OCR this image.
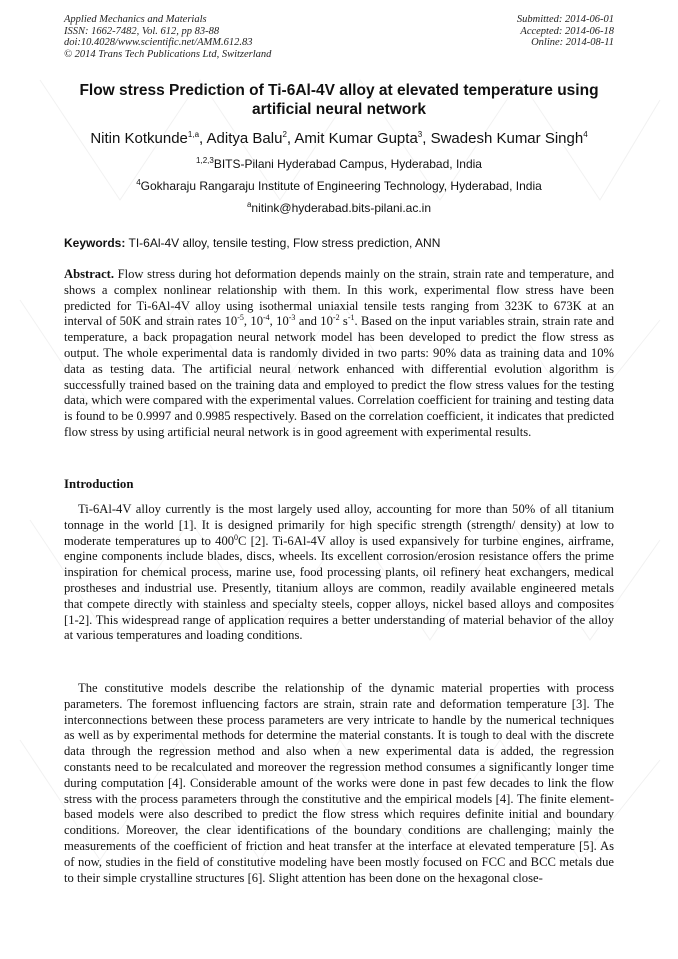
Applied Mechanics and Materials
ISSN: 1662-7482, Vol. 612, pp 83-88
doi:10.4028/www.scientific.net/AMM.612.83
© 2014 Trans Tech Publications Ltd, Switzerland
Submitted: 2014-06-01
Accepted: 2014-06-18
Online: 2014-08-11
Flow stress Prediction of Ti-6Al-4V alloy at elevated temperature using artificial neural network
Nitin Kotkunde$^{1,a}$, Aditya Balu$^2$, Amit Kumar Gupta$^3$, Swadesh Kumar Singh$^4$
$^{1,2,3}$BITS-Pilani Hyderabad Campus, Hyderabad, India
$^4$Gokharaju Rangaraju Institute of Engineering Technology, Hyderabad, India
$^a$nitink@hyderabad.bits-pilani.ac.in
Keywords: TI-6Al-4V alloy, tensile testing, Flow stress prediction, ANN
Abstract. Flow stress during hot deformation depends mainly on the strain, strain rate and temperature, and shows a complex nonlinear relationship with them. In this work, experimental flow stress have been predicted for Ti-6Al-4V alloy using isothermal uniaxial tensile tests ranging from 323K to 673K at an interval of 50K and strain rates $10^{-5}$, $10^{-4}$, $10^{-3}$ and $10^{-2}$ $s^{-1}$. Based on the input variables strain, strain rate and temperature, a back propagation neural network model has been developed to predict the flow stress as output. The whole experimental data is randomly divided in two parts: 90% data as training data and 10% data as testing data. The artificial neural network enhanced with differential evolution algorithm is successfully trained based on the training data and employed to predict the flow stress values for the testing data, which were compared with the experimental values. Correlation coefficient for training and testing data is found to be 0.9997 and 0.9985 respectively. Based on the correlation coefficient, it indicates that predicted flow stress by using artificial neural network is in good agreement with experimental results.
Introduction
Ti-6Al-4V alloy currently is the most largely used alloy, accounting for more than 50% of all titanium tonnage in the world [1]. It is designed primarily for high specific strength (strength/ density) at low to moderate temperatures up to $400^0C$ [2]. Ti-6Al-4V alloy is used expansively for turbine engines, airframe, engine components include blades, discs, wheels. Its excellent corrosion/erosion resistance offers the prime inspiration for chemical process, marine use, food processing plants, oil refinery heat exchangers, medical prostheses and industrial use. Presently, titanium alloys are common, readily available engineered metals that compete directly with stainless and specialty steels, copper alloys, nickel based alloys and composites [1-2]. This widespread range of application requires a better understanding of material behavior of the alloy at various temperatures and loading conditions.
The constitutive models describe the relationship of the dynamic material properties with process parameters. The foremost influencing factors are strain, strain rate and deformation temperature [3]. The interconnections between these process parameters are very intricate to handle by the numerical techniques as well as by experimental methods for determine the material constants. It is tough to deal with the discrete data through the regression method and also when a new experimental data is added, the regression constants need to be recalculated and moreover the regression method consumes a significantly longer time during computation [4]. Considerable amount of the works were done in past few decades to link the flow stress with the process parameters through the constitutive and the empirical models [4]. The finite element-based models were also described to predict the flow stress which requires definite initial and boundary conditions. Moreover, the clear identifications of the boundary conditions are challenging; mainly the measurements of the coefficient of friction and heat transfer at the interface at elevated temperature [5]. As of now, studies in the field of constitutive modeling have been mostly focused on FCC and BCC metals due to their simple crystalline structures [6]. Slight attention has been done on the hexagonal close-
